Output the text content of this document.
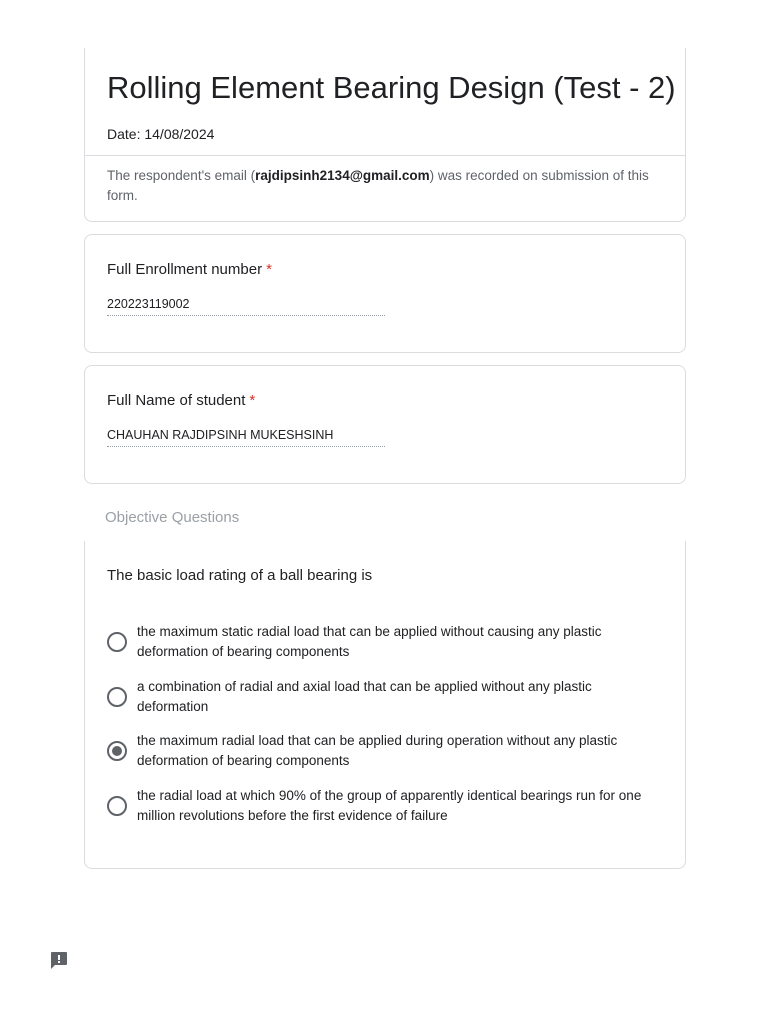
Rolling Element Bearing Design (Test - 2)
Date: 14/08/2024
The respondent's email (rajdipsinh2134@gmail.com) was recorded on submission of this form.
Full Enrollment number *
220223119002
Full Name of student *
CHAUHAN RAJDIPSINH MUKESHSINH
Objective Questions
The basic load rating of a ball bearing is
the maximum static radial load that can be applied without causing any plastic deformation of bearing components
a combination of radial and axial load that can be applied without any plastic deformation
the maximum radial load that can be applied during operation without any plastic deformation of bearing components
the radial load at which 90% of the group of apparently identical bearings run for one million revolutions before the first evidence of failure
